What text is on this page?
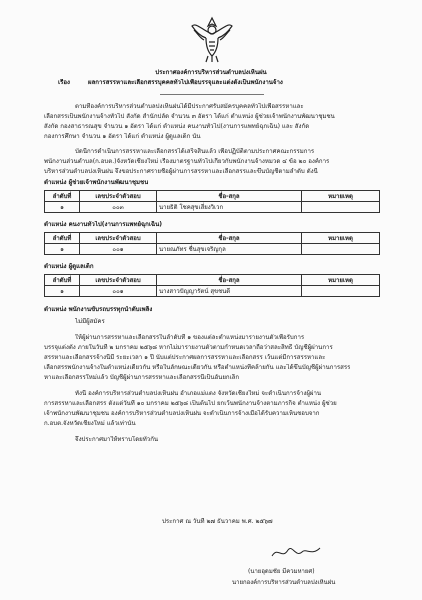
ประกาศองค์การบริหารส่วนตำบลปงเหินฝน
เรื่อง	ผลการสรรหาและเลือกสรรบุคคลทั่วไปเพื่อบรรจุและแต่งตั้งเป็นพนักงานจ้าง
ตามที่องค์การบริหารส่วนตำบลปงเหินฝนได้มีประกาศรับสมัครบุคคลทั่วไปเพื่อสรรหาและ
เลือกสรรเป็นพนักงานจ้างทั่วไป สังกัด สำนักปลัด จำนวน ๓ อัตรา ได้แก่ ตำแหน่ง ผู้ช่วยเจ้าพนักงานพัฒนาชุมชน
สังกัด กองสาธารณสุข จำนวน ๑ อัตรา ได้แก่ ตำแหน่ง คนงานทั่วไป(งานการแพทย์ฉุกเฉิน) และ สังกัด
กองการศึกษา จำนวน ๑ อัตรา ได้แก่ ตำแหน่ง ผู้ดูแลเด็ก นั้น
บัดนี้การดำเนินการสรรหาและเลือกสรรได้เสร็จสิ้นแล้ว เพื่อปฏิบัติตามประกาศคณะกรรมการ
พนักงานส่วนตำบล(ก.อบต.)จังหวัดเชียงใหม่ เรื่องมาตรฐานทั่วไปเกี่ยวกับพนักงานจ้างหมวด ๔ ข้อ ๒๐ องค์การ
บริหารส่วนตำบลปงเหินฝน จึงขอประกาศรายชื่อผู้ผ่านการสรรหาและเลือกสรรและขึ้นบัญชีตามลำดับ ดังนี้
ตำแหน่ง ผู้ช่วยเจ้าพนักงานพัฒนาชุมชน
ลำดับที่	เลขประจำตัวสอบ	ชื่อ-สกุล	หมายเหตุ
๑	๐๐๓	นายธิติ โชคสุขเสี่ยงวิเวก	
ตำแหน่ง คนงานทั่วไป(งานการแพทย์ฉุกเฉิน)
ลำดับที่	เลขประจำตัวสอบ	ชื่อ-สกุล	หมายเหตุ
๑	๐๐๑	นายณภัทร ชื่นสุขเจริญกุล	
ตำแหน่ง ผู้ดูแลเด็ก
ลำดับที่	เลขประจำตัวสอบ	ชื่อ-สกุล	หมายเหตุ
๑	๐๐๑	นางสาวปัญญารัตน์ สุขชนดี	
ตำแหน่ง พนักงานขับรถบรรทุกน้ำดับเพลิง
ไม่มีผู้สมัคร
ให้ผู้ผ่านการสรรหาและเลือกสรรในลำดับที่ ๑ ของแต่ละตำแหน่งมารายงานตัวเพื่อรับการ
บรรจุแต่งตั้ง ภายในวันที่ ๒ มกราคม ๒๕๖๘ หากไม่มารายงานตัวตามกำหนดเวลาถือว่าสละสิทธิ์ บัญชีผู้ผ่านการ
สรรหาและเลือกสรรจ้างนี้มี ระยะเวลา ๑ ปี นับแต่ประกาศผลการสรรหาและเลือกสรร เว้นแต่มีการสรรหาและ
เลือกสรรพนักงานจ้างในตำแหน่งเดียวกัน หรือในลักษณะเดียวกัน หรือตำแหน่งที่คล้ายกัน และได้ขึ้นบัญชีผู้ผ่านการสรร
หาและเลือกสรรใหม่แล้ว บัญชีผู้ผ่านการสรรหาและเลือกสรรนี้เป็นอันยกเลิก
ทั้งนี้ องค์การบริหารส่วนตำบลปงเหินฝน อำเภอแม่แตง จังหวัดเชียงใหม่ จะดำเนินการจ้างผู้ผ่าน
การสรรหาและเลือกสรร ตั้งแต่วันที่ ๑๐ มกราคม ๒๕๖๘ เป็นต้นไป ยกเว้นพนักงานจ้างตามภารกิจ ตำแหน่ง ผู้ช่วย
เจ้าพนักงานพัฒนาชุมชน องค์การบริหารส่วนตำบลปงเหินฝน จะดำเนินการจ้างเมื่อได้รับความเห็นชอบจาก
ก.อบต.จังหวัดเชียงใหม่ แล้วเท่านั้น
จึงประกาศมาให้ทราบโดยทั่วกัน
ประกาศ ณ วันที่ ๒๗ ธันวาคม พ.ศ. ๒๕๖๗
(นายอุดมชัย มีควมหายศ)
นายกองค์การบริหารส่วนตำบลปงเหินฝน
